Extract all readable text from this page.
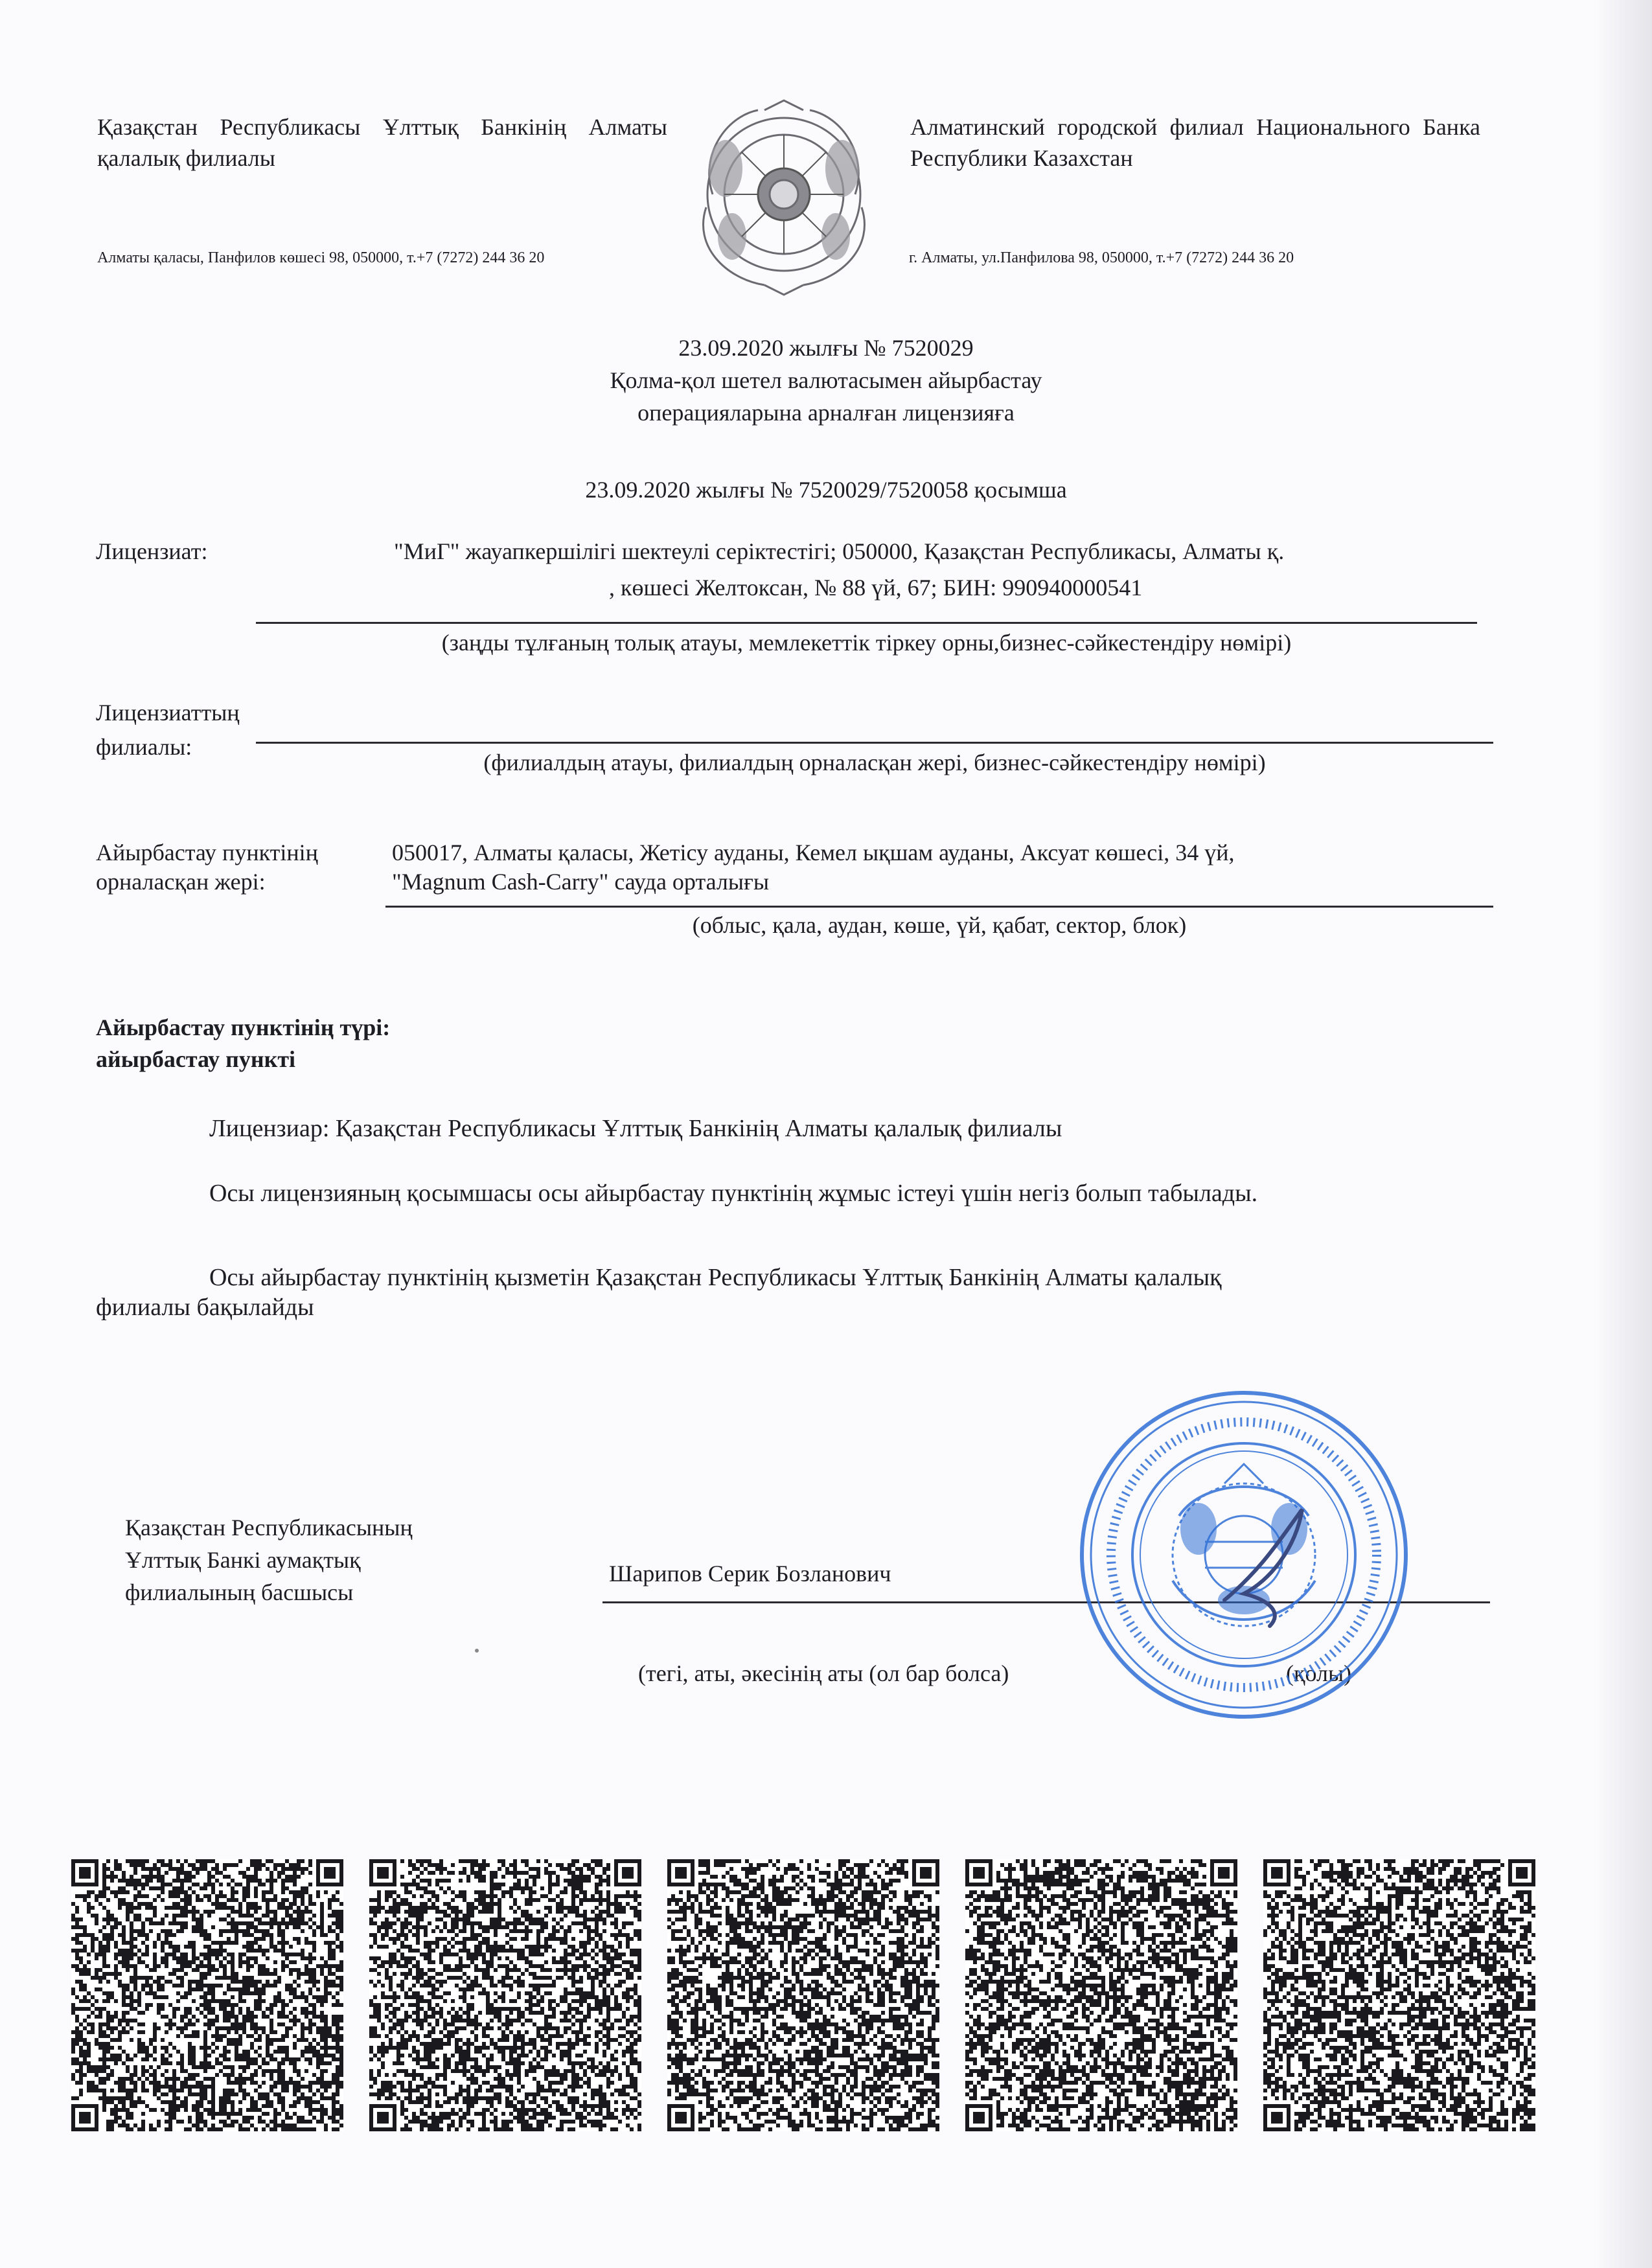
Қазақстан Республикасы Ұлттық Банкінің Алматы қалалық филиалы
Алматы қаласы, Панфилов көшесі 98, 050000, т.+7 (7272) 244 36 20
Алматинский городской филиал Национального Банка Республики Казахстан
г. Алматы, ул.Панфилова 98, 050000, т.+7 (7272) 244 36 20
23.09.2020 жылғы № 7520029
Қолма-қол шетел валютасымен айырбастау
операцияларына арналған лицензияға
23.09.2020 жылғы № 7520029/7520058 қосымша
Лицензиат:	"МиГ" жауапкершілігі шектеулі серіктестігі; 050000, Қазақстан Республикасы, Алматы қ.
, көшесі Желтоксан, № 88 үй, 67; БИН: 990940000541
(заңды тұлғаның толық атауы, мемлекеттік тіркеу орны,бизнес-сәйкестендіру нөмірі)
Лицензиаттың
филиалы:
(филиалдың атауы, филиалдың орналасқан жері, бизнес-сәйкестендіру нөмірі)
Айырбастау пунктінің
орналасқан жері:
050017, Алматы қаласы, Жетісу ауданы, Кемел ықшам ауданы, Аксуат көшесі, 34 үй,
"Magnum Cash-Carry" сауда орталығы
(облыс, қала, аудан, көше, үй, қабат, сектор, блок)
Айырбастау пунктінің түрі:
айырбастау пункті
Лицензиар: Қазақстан Республикасы Ұлттық Банкінің Алматы қалалық филиалы
Осы лицензияның қосымшасы осы айырбастау пунктінің жұмыс істеуі үшін негіз болып табылады.
Осы айырбастау пунктінің қызметін Қазақстан Республикасы Ұлттық Банкінің Алматы қалалық
филиалы бақылайды
Қазақстан Республикасының
Ұлттық Банкі аумақтық
филиалының басшысы
Шарипов Серик Бозланович
(тегі, аты, әкесінің аты (ол бар болса)	(қолы)
